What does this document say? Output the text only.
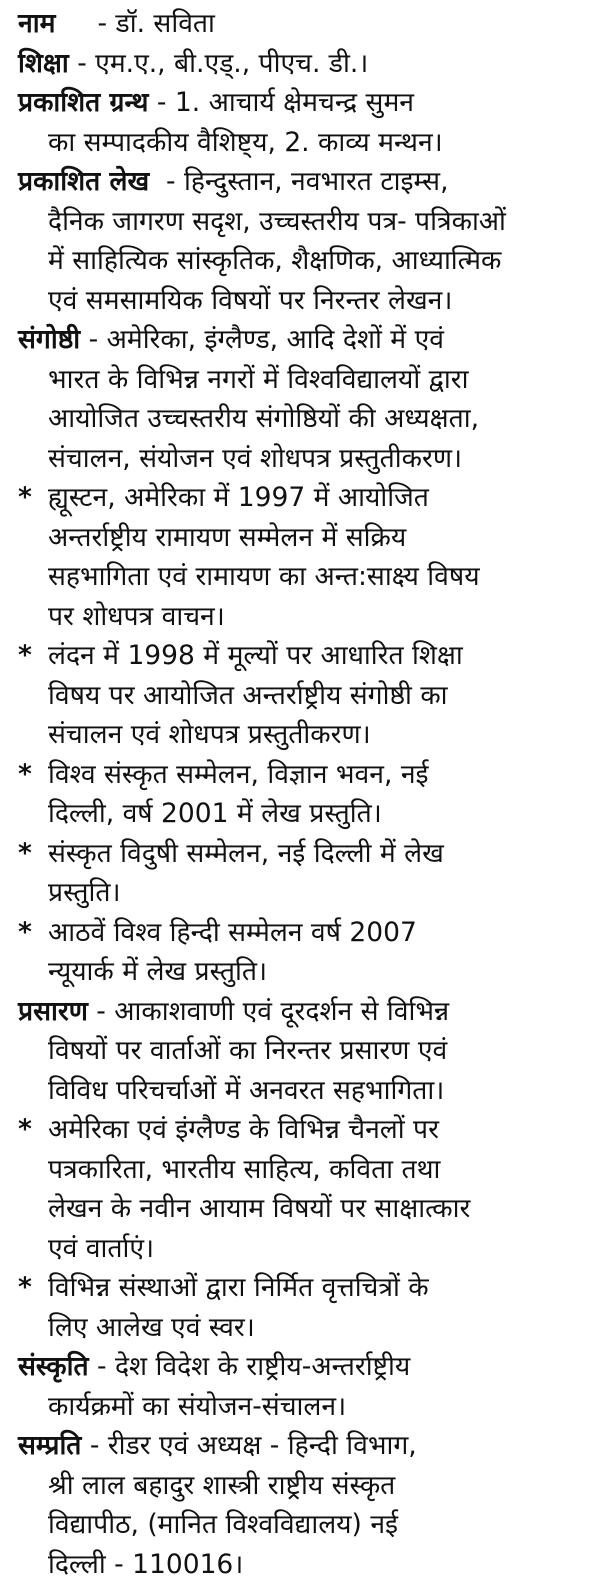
नाम - डॉ. सविता
शिक्षा - एम.ए., बी.एड्., पीएच. डी.।
प्रकाशित ग्रन्थ - 1. आचार्य क्षेमचन्द्र सुमन
का सम्पादकीय वैशिष्ट्य, 2. काव्य मन्थन।
प्रकाशित लेख - हिन्दुस्तान, नवभारत टाइम्स,
दैनिक जागरण सदृश, उच्चस्तरीय पत्र- पत्रिकाओं
में साहित्यिक सांस्कृतिक, शैक्षणिक, आध्यात्मिक
एवं समसामयिक विषयों पर निरन्तर लेखन।
संगोष्ठी - अमेरिका, इंग्लैण्ड, आदि देशों में एवं
भारत के विभिन्न नगरों में विश्वविद्यालयों द्वारा
आयोजित उच्चस्तरीय संगोष्ठियों की अध्यक्षता,
संचालन, संयोजन एवं शोधपत्र प्रस्तुतीकरण।
* ह्यूस्टन, अमेरिका में 1997 में आयोजित
अन्तर्राष्ट्रीय रामायण सम्मेलन में सक्रिय
सहभागिता एवं रामायण का अन्त:साक्ष्य विषय
पर शोधपत्र वाचन।
* लंदन में 1998 में मूल्यों पर आधारित शिक्षा
विषय पर आयोजित अन्तर्राष्ट्रीय संगोष्ठी का
संचालन एवं शोधपत्र प्रस्तुतीकरण।
* विश्व संस्कृत सम्मेलन, विज्ञान भवन, नई
दिल्ली, वर्ष 2001 में लेख प्रस्तुति।
* संस्कृत विदुषी सम्मेलन, नई दिल्ली में लेख
प्रस्तुति।
* आठवें विश्व हिन्दी सम्मेलन वर्ष 2007
न्यूयार्क में लेख प्रस्तुति।
प्रसारण - आकाशवाणी एवं दूरदर्शन से विभिन्न
विषयों पर वार्ताओं का निरन्तर प्रसारण एवं
विविध परिचर्चाओं में अनवरत सहभागिता।
* अमेरिका एवं इंग्लैण्ड के विभिन्न चैनलों पर
पत्रकारिता, भारतीय साहित्य, कविता तथा
लेखन के नवीन आयाम विषयों पर साक्षात्कार
एवं वार्ताएं।
* विभिन्न संस्थाओं द्वारा निर्मित वृत्तचित्रों के
लिए आलेख एवं स्वर।
संस्कृति - देश विदेश के राष्ट्रीय-अन्तर्राष्ट्रीय
कार्यक्रमों का संयोजन-संचालन।
सम्प्रति - रीडर एवं अध्यक्ष - हिन्दी विभाग,
श्री लाल बहादुर शास्त्री राष्ट्रीय संस्कृत
विद्यापीठ, (मानित विश्वविद्यालय) नई
दिल्ली - 110016।
